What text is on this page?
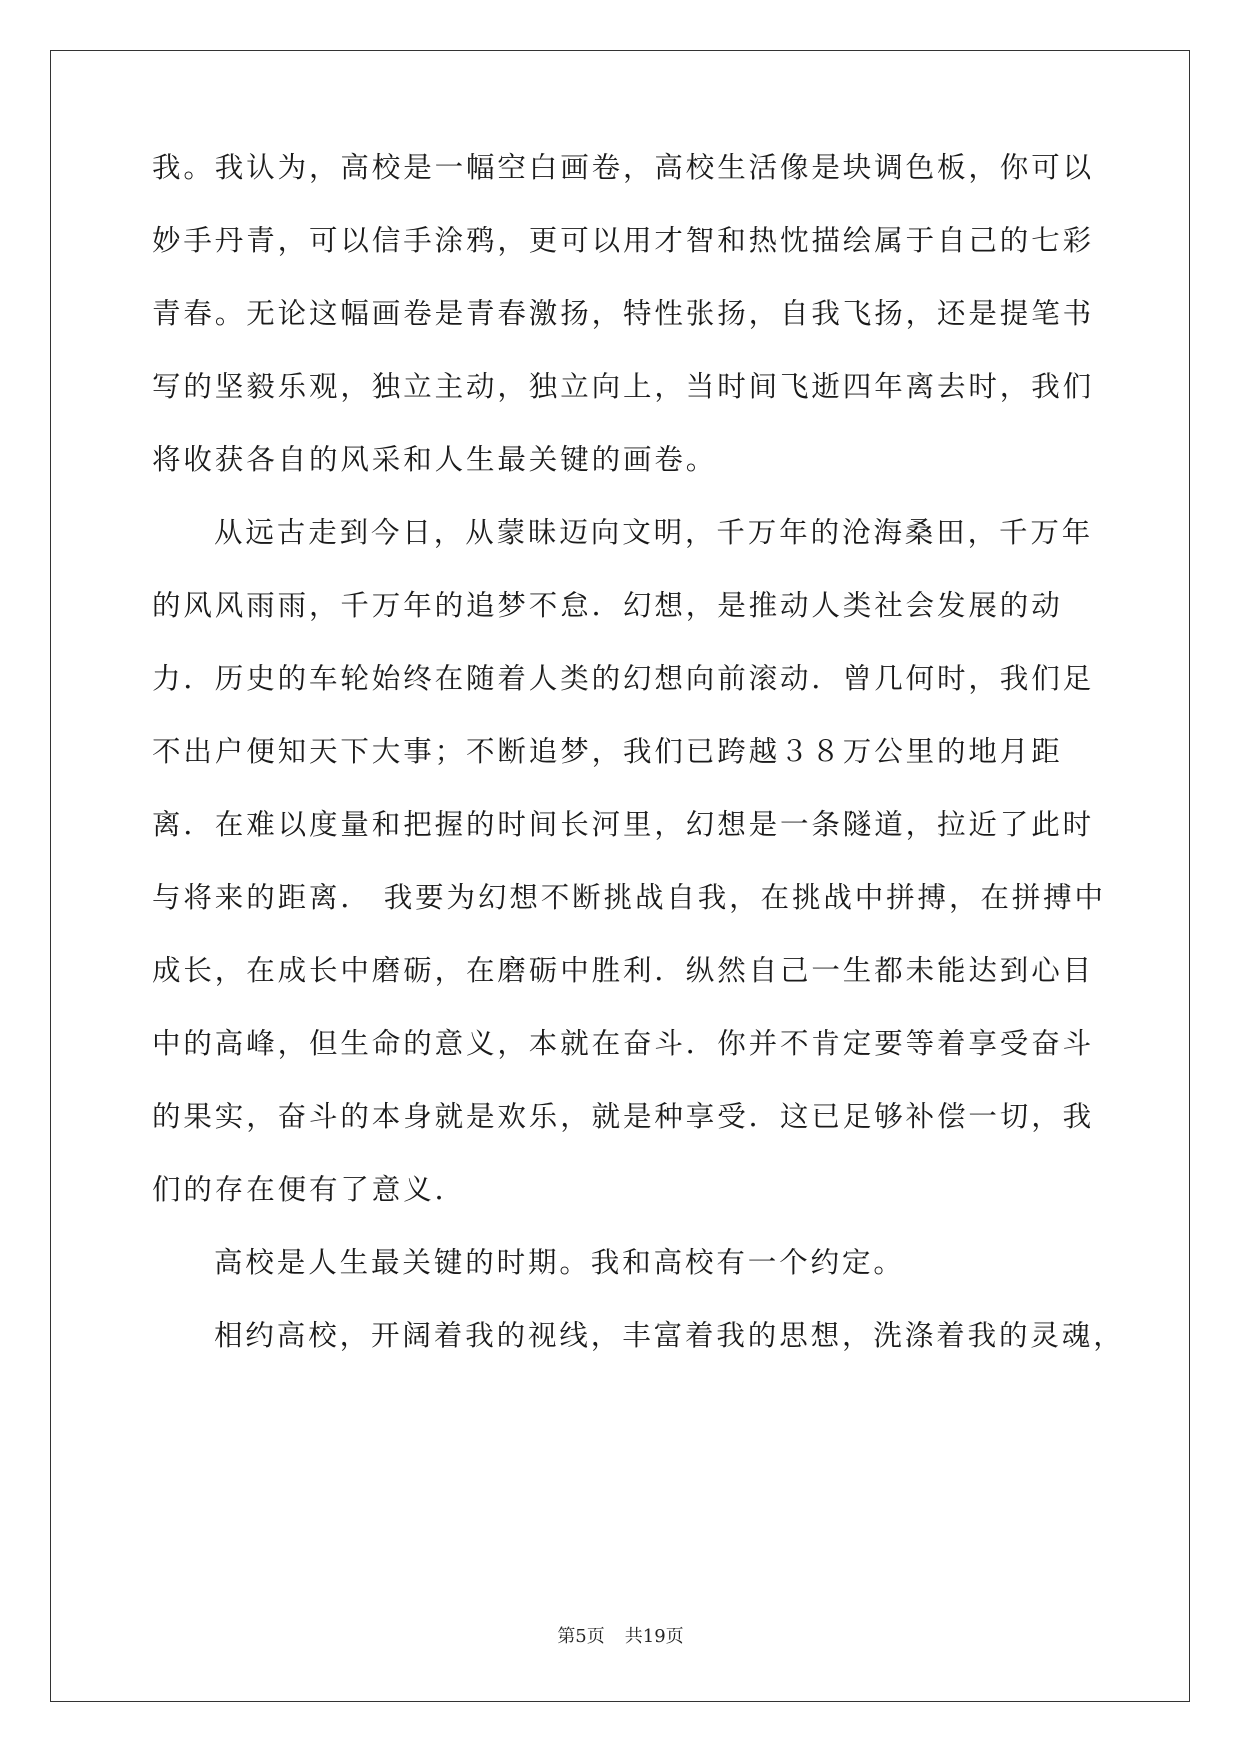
我。我认为，高校是一幅空白画卷，高校生活像是块调色板，你可以
妙手丹青，可以信手涂鸦，更可以用才智和热忱描绘属于自己的七彩
青春。无论这幅画卷是青春激扬，特性张扬，自我飞扬，还是提笔书
写的坚毅乐观，独立主动，独立向上，当时间飞逝四年离去时，我们
将收获各自的风采和人生最关键的画卷。
从远古走到今日，从蒙昧迈向文明，千万年的沧海桑田，千万年
的风风雨雨，千万年的追梦不怠．幻想，是推动人类社会发展的动
力．历史的车轮始终在随着人类的幻想向前滚动．曾几何时，我们足
不出户便知天下大事；不断追梦，我们已跨越３８万公里的地月距
离．在难以度量和把握的时间长河里，幻想是一条隧道，拉近了此时
与将来的距离． 我要为幻想不断挑战自我，在挑战中拼搏，在拼搏中
成长，在成长中磨砺，在磨砺中胜利．纵然自己一生都未能达到心目
中的高峰，但生命的意义，本就在奋斗．你并不肯定要等着享受奋斗
的果实，奋斗的本身就是欢乐，就是种享受．这已足够补偿一切，我
们的存在便有了意义．
高校是人生最关键的时期。我和高校有一个约定。
相约高校，开阔着我的视线，丰富着我的思想，洗涤着我的灵魂，
第5页 共19页
